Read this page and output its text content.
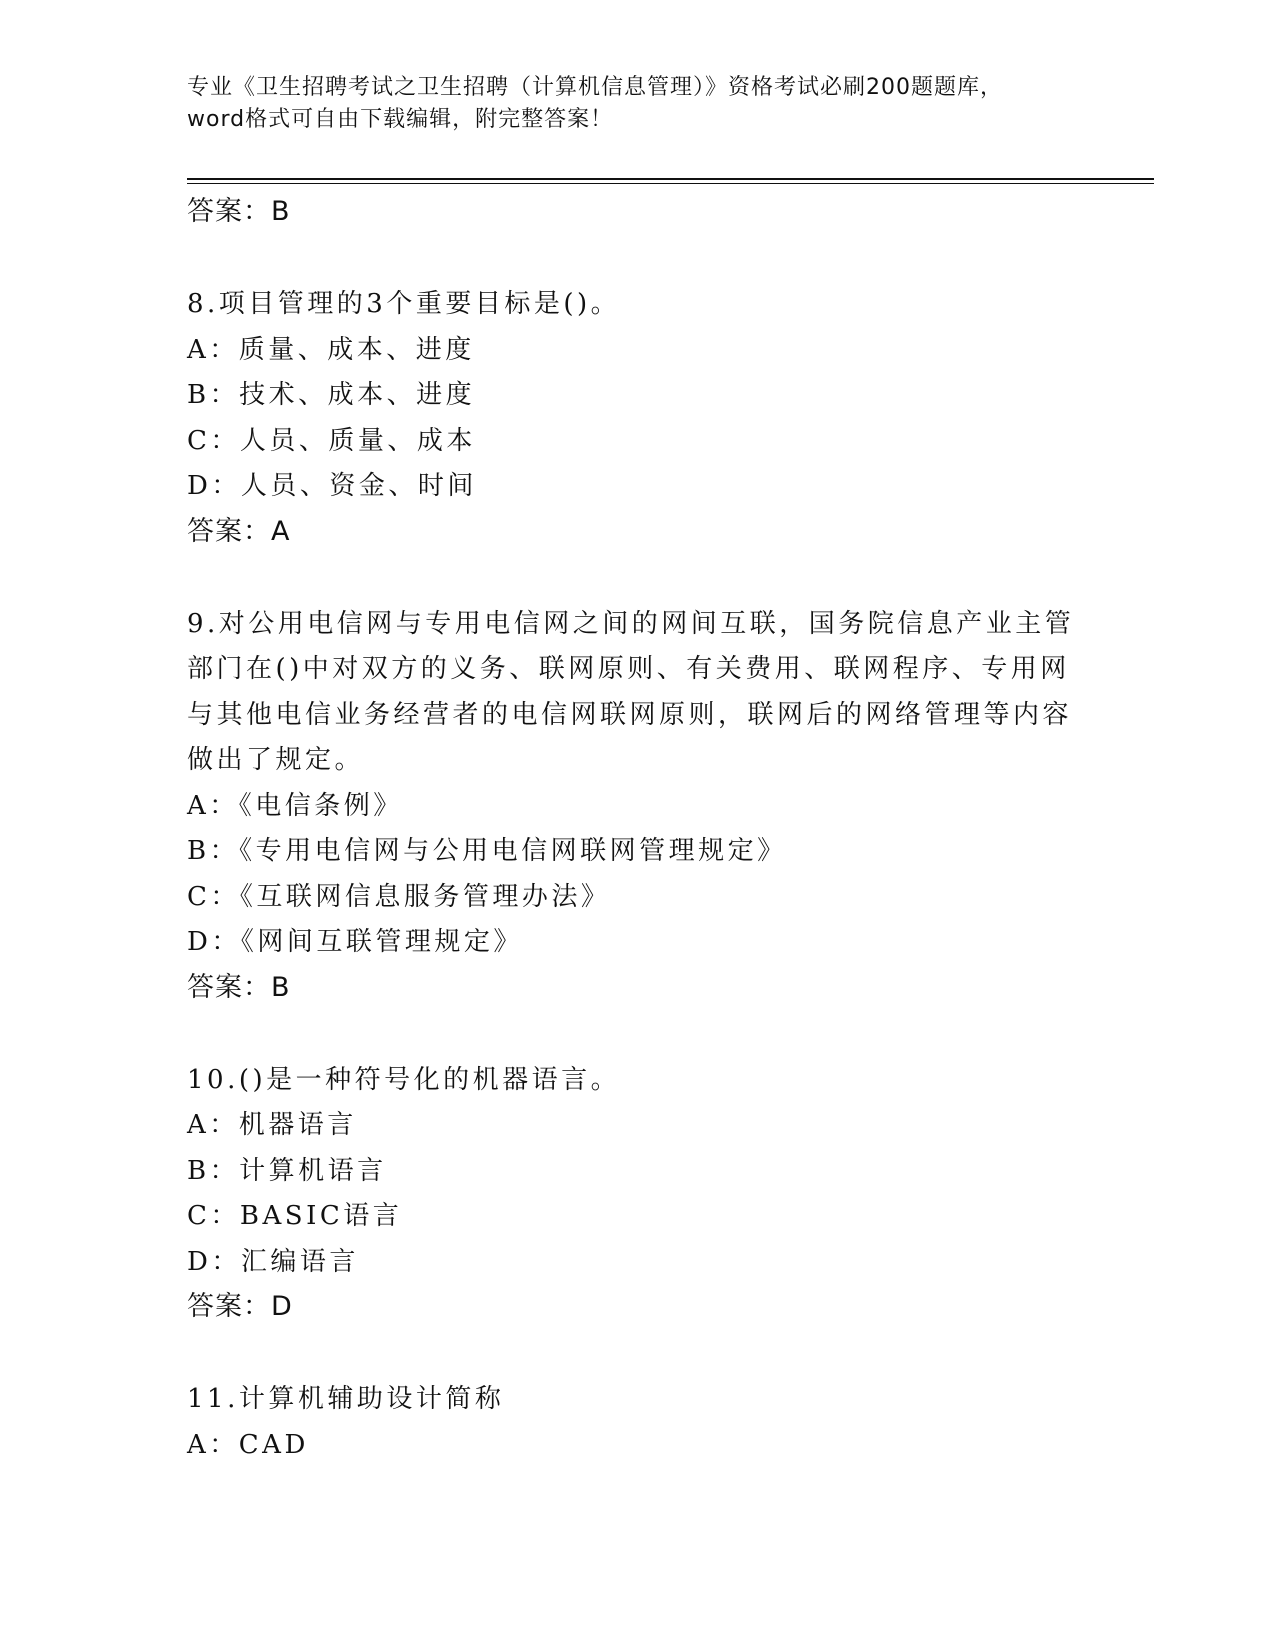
专业《卫生招聘考试之卫生招聘（计算机信息管理）》资格考试必刷200题题库，
word格式可自由下载编辑，附完整答案！
答案：B
8.项目管理的3个重要目标是()。
A：质量、成本、进度
B：技术、成本、进度
C：人员、质量、成本
D：人员、资金、时间
答案：A
9.对公用电信网与专用电信网之间的网间互联，国务院信息产业主管
部门在()中对双方的义务、联网原则、有关费用、联网程序、专用网
与其他电信业务经营者的电信网联网原则，联网后的网络管理等内容
做出了规定。
A：《电信条例》
B：《专用电信网与公用电信网联网管理规定》
C：《互联网信息服务管理办法》
D：《网间互联管理规定》
答案：B
10.()是一种符号化的机器语言。
A：机器语言
B：计算机语言
C：BASIC语言
D：汇编语言
答案：D
11.计算机辅助设计简称
A：CAD
